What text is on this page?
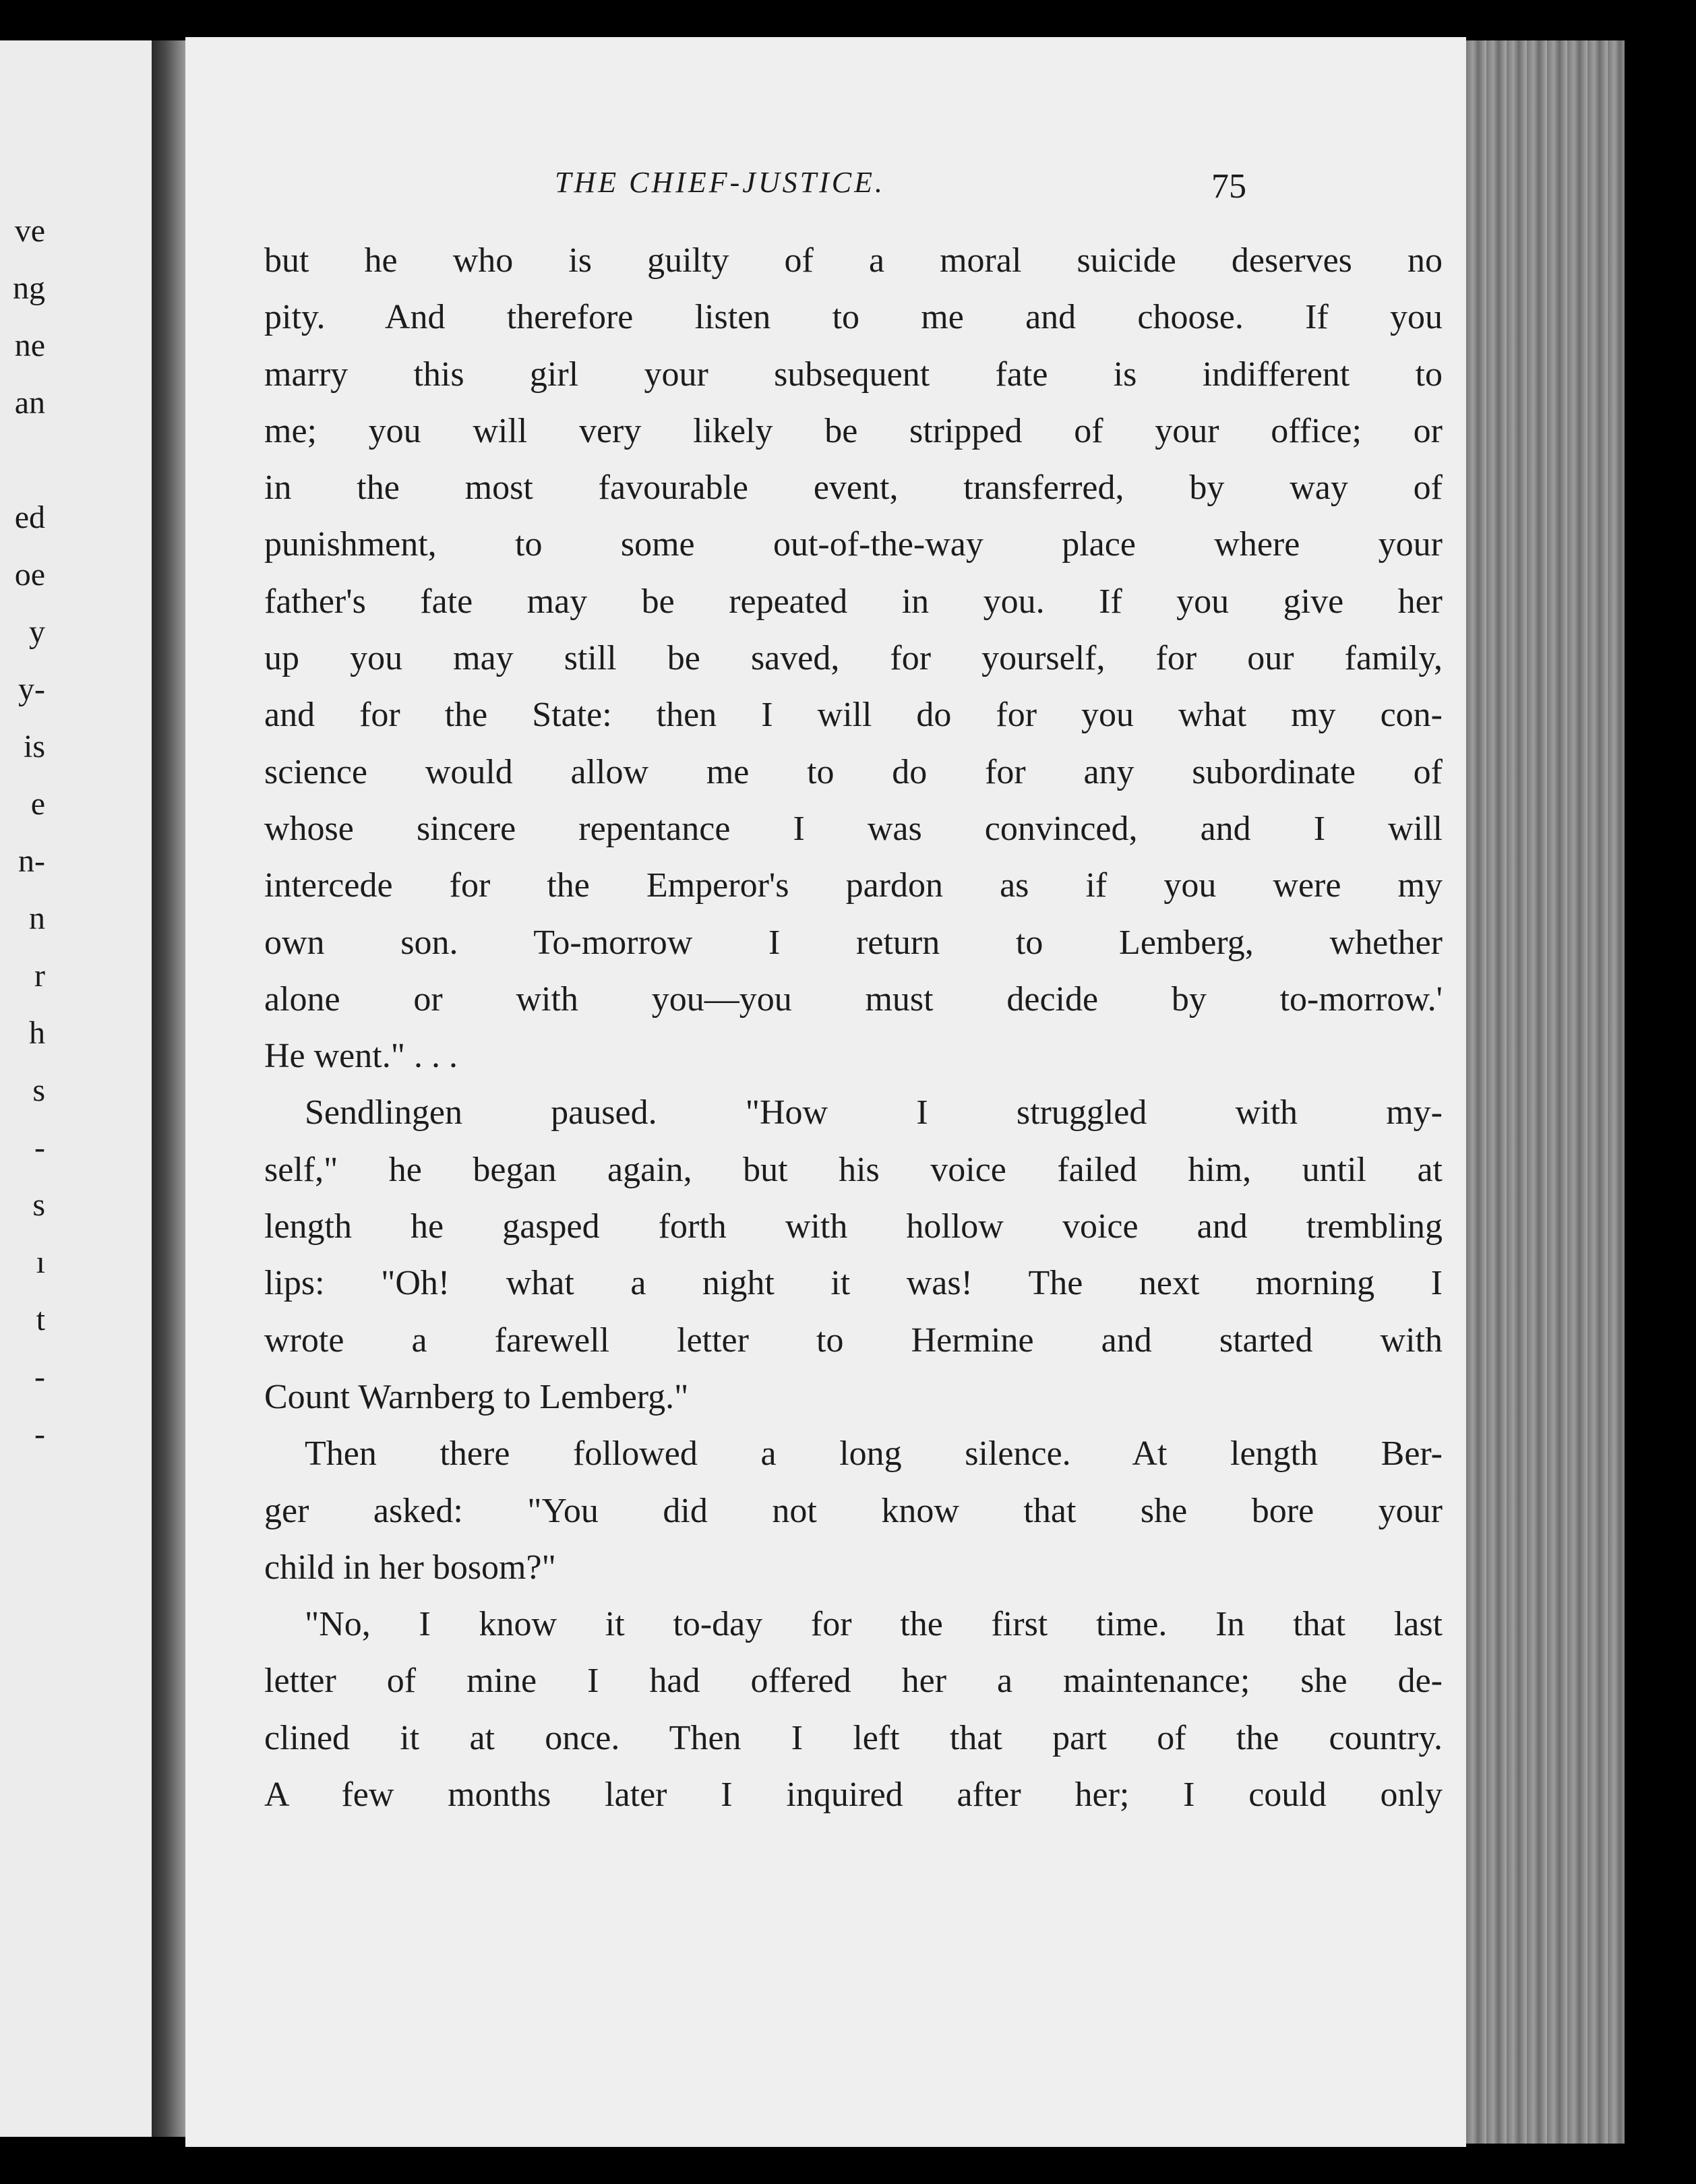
ve
ng
ne
an
ed
oe
y
y-
is
e
n-
n
r
h
s
-
s
ı
t
-
-
THE CHIEF-JUSTICE.	75
but he who is guilty of a moral suicide deserves no
pity. And therefore listen to me and choose. If you
marry this girl your subsequent fate is indifferent to
me; you will very likely be stripped of your office; or
in the most favourable event, transferred, by way of
punishment, to some out-of-the-way place where your
father's fate may be repeated in you. If you give her
up you may still be saved, for yourself, for our family,
and for the State: then I will do for you what my con-
science would allow me to do for any subordinate of
whose sincere repentance I was convinced, and I will
intercede for the Emperor's pardon as if you were my
own son. To-morrow I return to Lemberg, whether
alone or with you—you must decide by to-morrow.'
He went." . . .
Sendlingen paused. "How I struggled with my-
self," he began again, but his voice failed him, until at
length he gasped forth with hollow voice and trembling
lips: "Oh! what a night it was! The next morning I
wrote a farewell letter to Hermine and started with
Count Warnberg to Lemberg."
Then there followed a long silence. At length Ber-
ger asked: "You did not know that she bore your
child in her bosom?"
"No, I know it to-day for the first time. In that last
letter of mine I had offered her a maintenance; she de-
clined it at once. Then I left that part of the country.
A few months later I inquired after her; I could only
